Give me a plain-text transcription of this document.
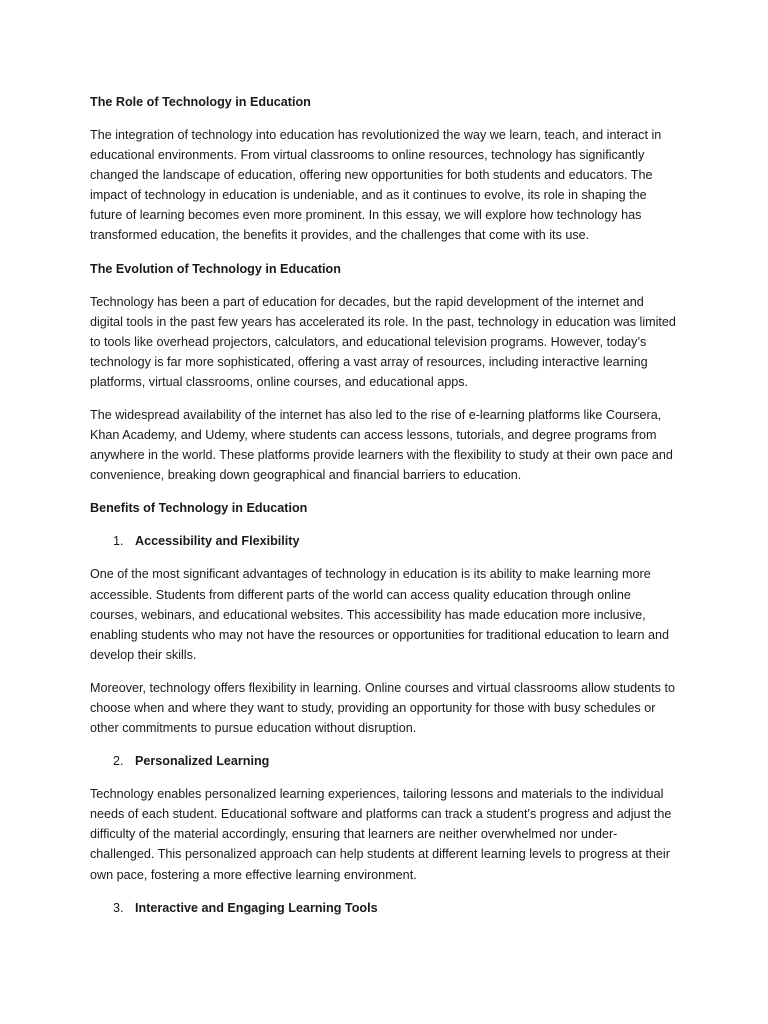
The Role of Technology in Education

The integration of technology into education has revolutionized the way we learn, teach, and interact in educational environments. From virtual classrooms to online resources, technology has significantly changed the landscape of education, offering new opportunities for both students and educators. The impact of technology in education is undeniable, and as it continues to evolve, its role in shaping the future of learning becomes even more prominent. In this essay, we will explore how technology has transformed education, the benefits it provides, and the challenges that come with its use.

The Evolution of Technology in Education

Technology has been a part of education for decades, but the rapid development of the internet and digital tools in the past few years has accelerated its role. In the past, technology in education was limited to tools like overhead projectors, calculators, and educational television programs. However, today’s technology is far more sophisticated, offering a vast array of resources, including interactive learning platforms, virtual classrooms, online courses, and educational apps.

The widespread availability of the internet has also led to the rise of e-learning platforms like Coursera, Khan Academy, and Udemy, where students can access lessons, tutorials, and degree programs from anywhere in the world. These platforms provide learners with the flexibility to study at their own pace and convenience, breaking down geographical and financial barriers to education.

Benefits of Technology in Education
1. Accessibility and Flexibility

One of the most significant advantages of technology in education is its ability to make learning more accessible. Students from different parts of the world can access quality education through online courses, webinars, and educational websites. This accessibility has made education more inclusive, enabling students who may not have the resources or opportunities for traditional education to learn and develop their skills.

Moreover, technology offers flexibility in learning. Online courses and virtual classrooms allow students to choose when and where they want to study, providing an opportunity for those with busy schedules or other commitments to pursue education without disruption.

2. Personalized Learning

Technology enables personalized learning experiences, tailoring lessons and materials to the individual needs of each student. Educational software and platforms can track a student's progress and adjust the difficulty of the material accordingly, ensuring that learners are neither overwhelmed nor under-challenged. This personalized approach can help students at different learning levels to progress at their own pace, fostering a more effective learning environment.

3. Interactive and Engaging Learning Tools
